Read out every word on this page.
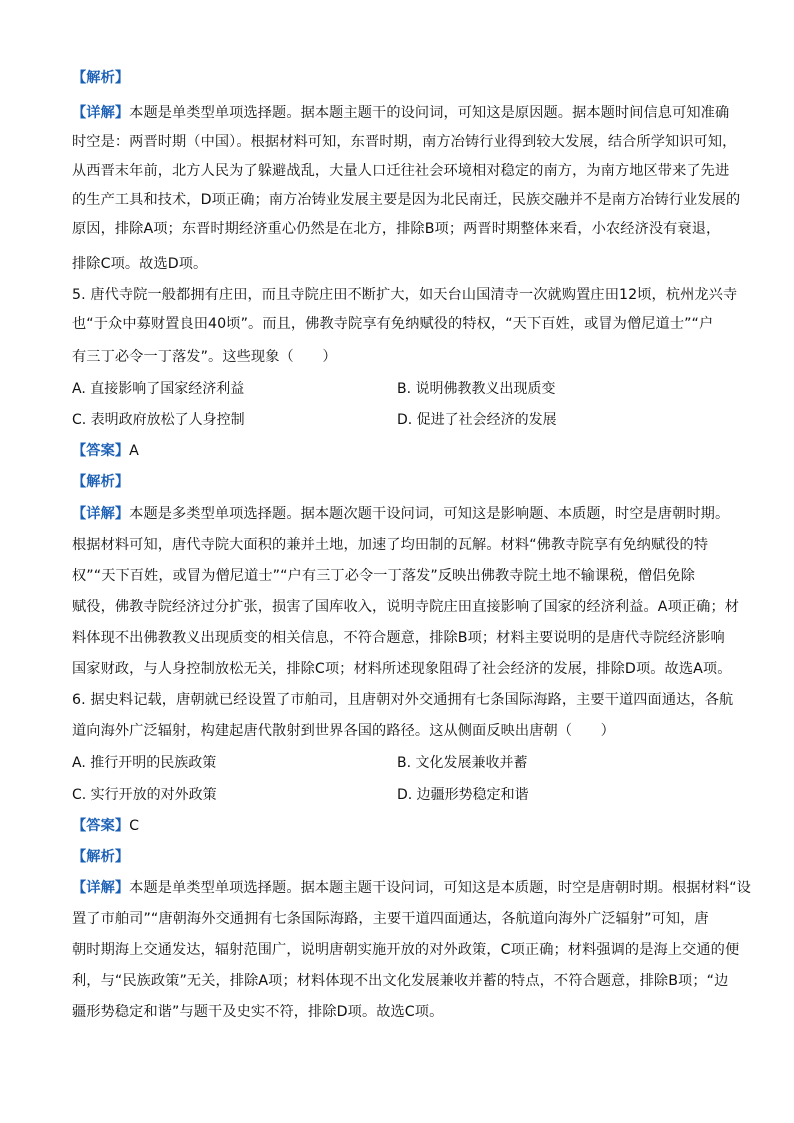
【解析】
【详解】本题是单类型单项选择题。据本题主题干的设问词，可知这是原因题。据本题时间信息可知准确
时空是：两晋时期（中国）。根据材料可知，东晋时期，南方冶铸行业得到较大发展，结合所学知识可知，
从西晋末年前，北方人民为了躲避战乱，大量人口迁往社会环境相对稳定的南方，为南方地区带来了先进
的生产工具和技术，D项正确；南方冶铸业发展主要是因为北民南迁，民族交融并不是南方冶铸行业发展的
原因，排除A项；东晋时期经济重心仍然是在北方，排除B项；两晋时期整体来看，小农经济没有衰退，
排除C项。故选D项。
5. 唐代寺院一般都拥有庄田，而且寺院庄田不断扩大，如天台山国清寺一次就购置庄田12顷，杭州龙兴寺
也“于众中募财置良田40顷”。而且，佛教寺院享有免纳赋役的特权，“天下百姓，或冒为僧尼道士”“户
有三丁必令一丁落发”。这些现象（　　）
A. 直接影响了国家经济利益	B. 说明佛教教义出现质变
C. 表明政府放松了人身控制	D. 促进了社会经济的发展
【答案】A
【解析】
【详解】本题是多类型单项选择题。据本题次题干设问词，可知这是影响题、本质题，时空是唐朝时期。
根据材料可知，唐代寺院大面积的兼并土地，加速了均田制的瓦解。材料“佛教寺院享有免纳赋役的特
权”“天下百姓，或冒为僧尼道士”“户有三丁必令一丁落发”反映出佛教寺院土地不输课税，僧侣免除
赋役，佛教寺院经济过分扩张，损害了国库收入，说明寺院庄田直接影响了国家的经济利益。A项正确；材
料体现不出佛教教义出现质变的相关信息，不符合题意，排除B项；材料主要说明的是唐代寺院经济影响
国家财政，与人身控制放松无关，排除C项；材料所述现象阻碍了社会经济的发展，排除D项。故选A项。
6. 据史料记载，唐朝就已经设置了市舶司，且唐朝对外交通拥有七条国际海路，主要干道四面通达，各航
道向海外广泛辐射，构建起唐代散射到世界各国的路径。这从侧面反映出唐朝（　　）
A. 推行开明的民族政策	B. 文化发展兼收并蓄
C. 实行开放的对外政策	D. 边疆形势稳定和谐
【答案】C
【解析】
【详解】本题是单类型单项选择题。据本题主题干设问词，可知这是本质题，时空是唐朝时期。根据材料“设
置了市舶司”“唐朝海外交通拥有七条国际海路，主要干道四面通达，各航道向海外广泛辐射”可知，唐
朝时期海上交通发达，辐射范围广，说明唐朝实施开放的对外政策，C项正确；材料强调的是海上交通的便
利，与“民族政策”无关，排除A项；材料体现不出文化发展兼收并蓄的特点，不符合题意，排除B项；“边
疆形势稳定和谐”与题干及史实不符，排除D项。故选C项。
